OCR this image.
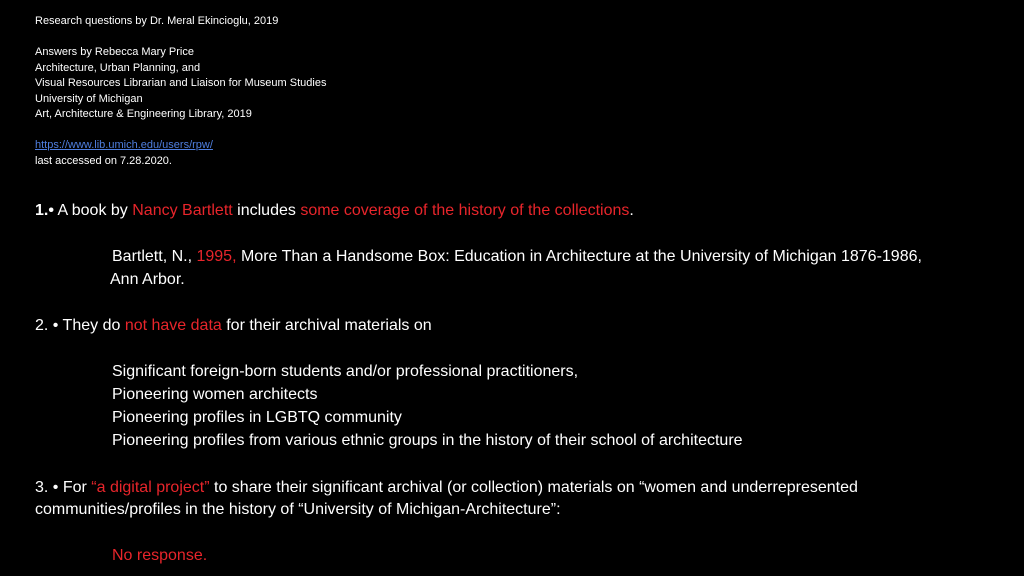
Research questions by Dr. Meral Ekincioglu, 2019
Answers by Rebecca Mary Price
Architecture, Urban Planning, and
Visual Resources Librarian and Liaison for Museum Studies
University of Michigan
Art, Architecture & Engineering Library, 2019
https://www.lib.umich.edu/users/rpw/
last accessed on 7.28.2020.
1.• A book by Nancy Bartlett includes some coverage of the history of the collections.
Bartlett, N., 1995, More Than a Handsome Box: Education in Architecture at the University of Michigan 1876-1986,
Ann Arbor.
2. • They do not have data for their archival materials on
Significant foreign-born students and/or professional practitioners,
Pioneering women architects
Pioneering profiles in LGBTQ community
Pioneering profiles from various ethnic groups in the history of their school of architecture
3. • For “a digital project” to share their significant archival (or collection) materials on “women and underrepresented
communities/profiles in the history of “University of Michigan-Architecture”:
No response.
